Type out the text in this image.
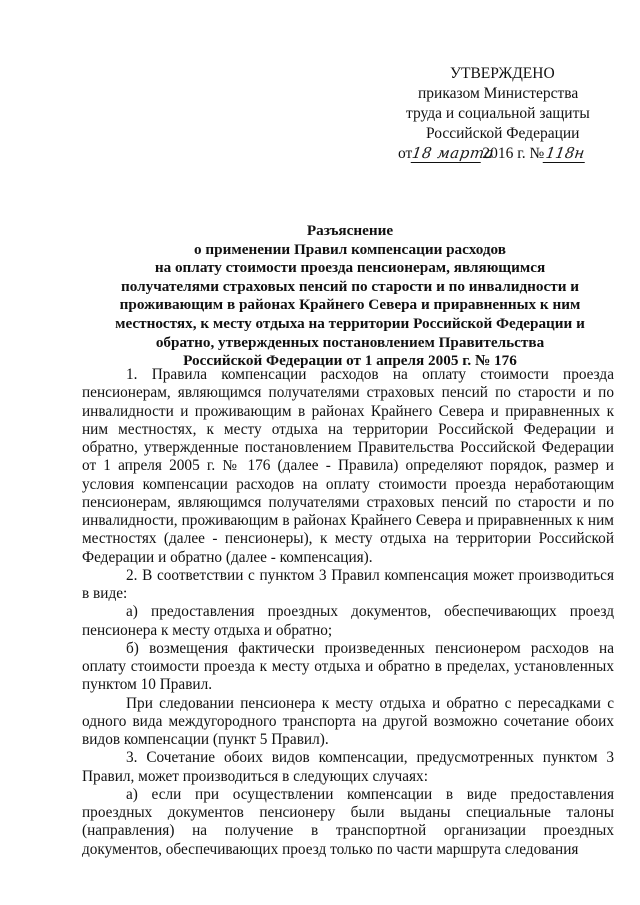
УТВЕРЖДЕНО
приказом Министерства
труда и социальной защиты
Российской Федерации
от18 марта2016 г. №118н
Разъяснение
о применении Правил компенсации расходов
на оплату стоимости проезда пенсионерам, являющимся
получателями страховых пенсий по старости и по инвалидности и
проживающим в районах Крайнего Севера и приравненных к ним
местностях, к месту отдыха на территории Российской Федерации и
обратно, утвержденных постановлением Правительства
Российской Федерации от 1 апреля 2005 г. № 176

1. Правила компенсации расходов на оплату стоимости проезда пенсионерам, являющимся получателями страховых пенсий по старости и по инвалидности и проживающим в районах Крайнего Севера и приравненных к ним местностях, к месту отдыха на территории Российской Федерации и обратно, утвержденные постановлением Правительства Российской Федерации от 1 апреля 2005 г. № 176 (далее - Правила) определяют порядок, размер и условия компенсации расходов на оплату стоимости проезда неработающим пенсионерам, являющимся получателями страховых пенсий по старости и по инвалидности, проживающим в районах Крайнего Севера и приравненных к ним местностях (далее - пенсионеры), к месту отдыха на территории Российской Федерации и обратно (далее - компенсация).

2. В соответствии с пунктом 3 Правил компенсация может производиться в виде:

а) предоставления проездных документов, обеспечивающих проезд пенсионера к месту отдыха и обратно;

б) возмещения фактически произведенных пенсионером расходов на оплату стоимости проезда к месту отдыха и обратно в пределах, установленных пунктом 10 Правил.

При следовании пенсионера к месту отдыха и обратно с пересадками с одного вида междугородного транспорта на другой возможно сочетание обоих видов компенсации (пункт 5 Правил).

3. Сочетание обоих видов компенсации, предусмотренных пунктом 3 Правил, может производиться в следующих случаях:

а) если при осуществлении компенсации в виде предоставления проездных документов пенсионеру были выданы специальные талоны (направления) на получение в транспортной организации проездных документов, обеспечивающих проезд только по части маршрута следования
